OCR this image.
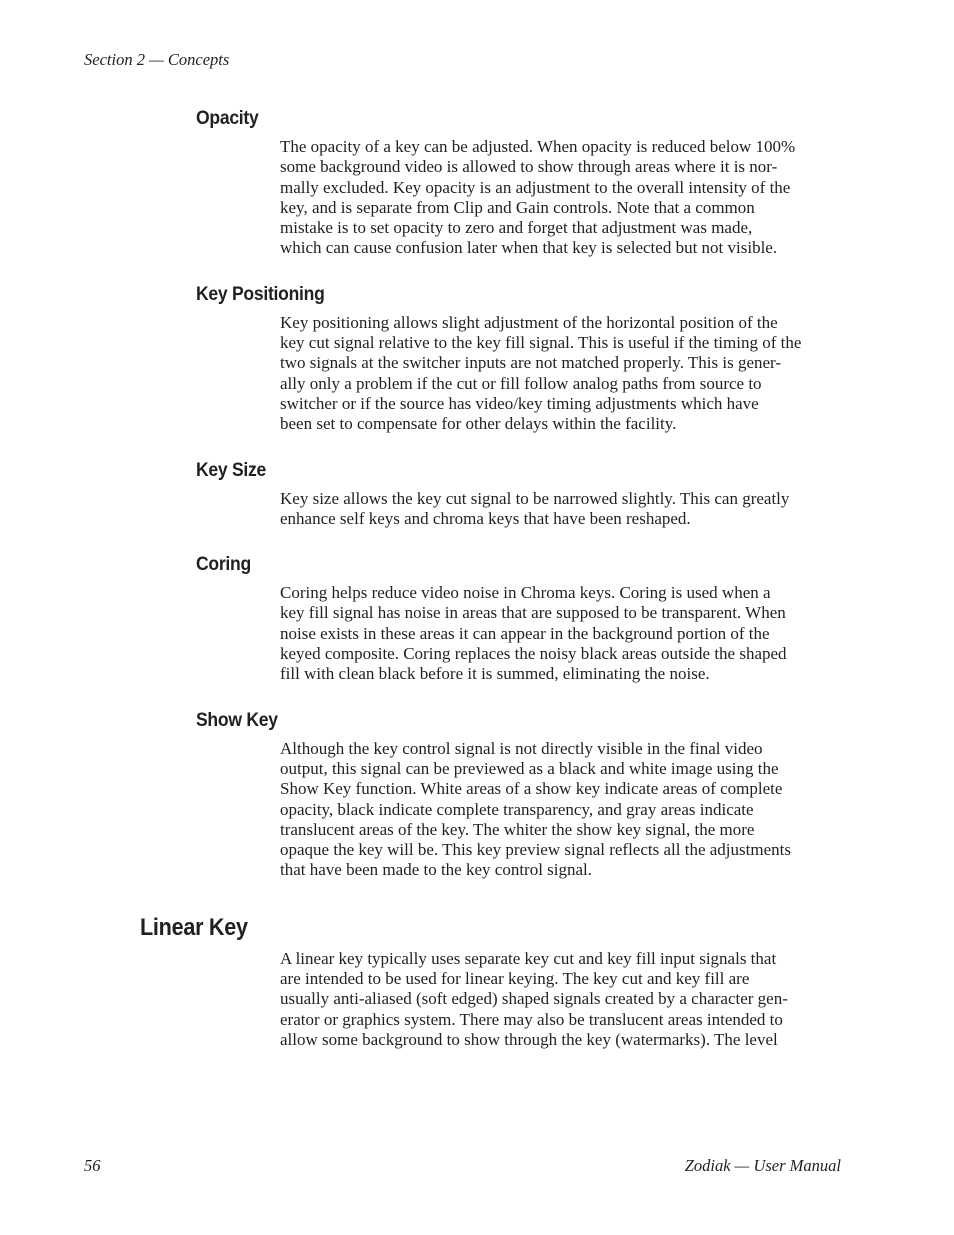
Section 2 — Concepts

Opacity

The opacity of a key can be adjusted. When opacity is reduced below 100%
some background video is allowed to show through areas where it is nor-
mally excluded. Key opacity is an adjustment to the overall intensity of the
key, and is separate from Clip and Gain controls. Note that a common
mistake is to set opacity to zero and forget that adjustment was made,
which can cause confusion later when that key is selected but not visible.

Key Positioning

Key positioning allows slight adjustment of the horizontal position of the
key cut signal relative to the key fill signal. This is useful if the timing of the
two signals at the switcher inputs are not matched properly. This is gener-
ally only a problem if the cut or fill follow analog paths from source to
switcher or if the source has video/key timing adjustments which have
been set to compensate for other delays within the facility.

Key Size

Key size allows the key cut signal to be narrowed slightly. This can greatly
enhance self keys and chroma keys that have been reshaped.

Coring

Coring helps reduce video noise in Chroma keys. Coring is used when a
key fill signal has noise in areas that are supposed to be transparent. When
noise exists in these areas it can appear in the background portion of the
keyed composite. Coring replaces the noisy black areas outside the shaped
fill with clean black before it is summed, eliminating the noise.

Show Key

Although the key control signal is not directly visible in the final video
output, this signal can be previewed as a black and white image using the
Show Key function. White areas of a show key indicate areas of complete
opacity, black indicate complete transparency, and gray areas indicate
translucent areas of the key. The whiter the show key signal, the more
opaque the key will be. This key preview signal reflects all the adjustments
that have been made to the key control signal.

Linear Key

A linear key typically uses separate key cut and key fill input signals that
are intended to be used for linear keying. The key cut and key fill are
usually anti-aliased (soft edged) shaped signals created by a character gen-
erator or graphics system. There may also be translucent areas intended to
allow some background to show through the key (watermarks). The level

56	Zodiak — User Manual
